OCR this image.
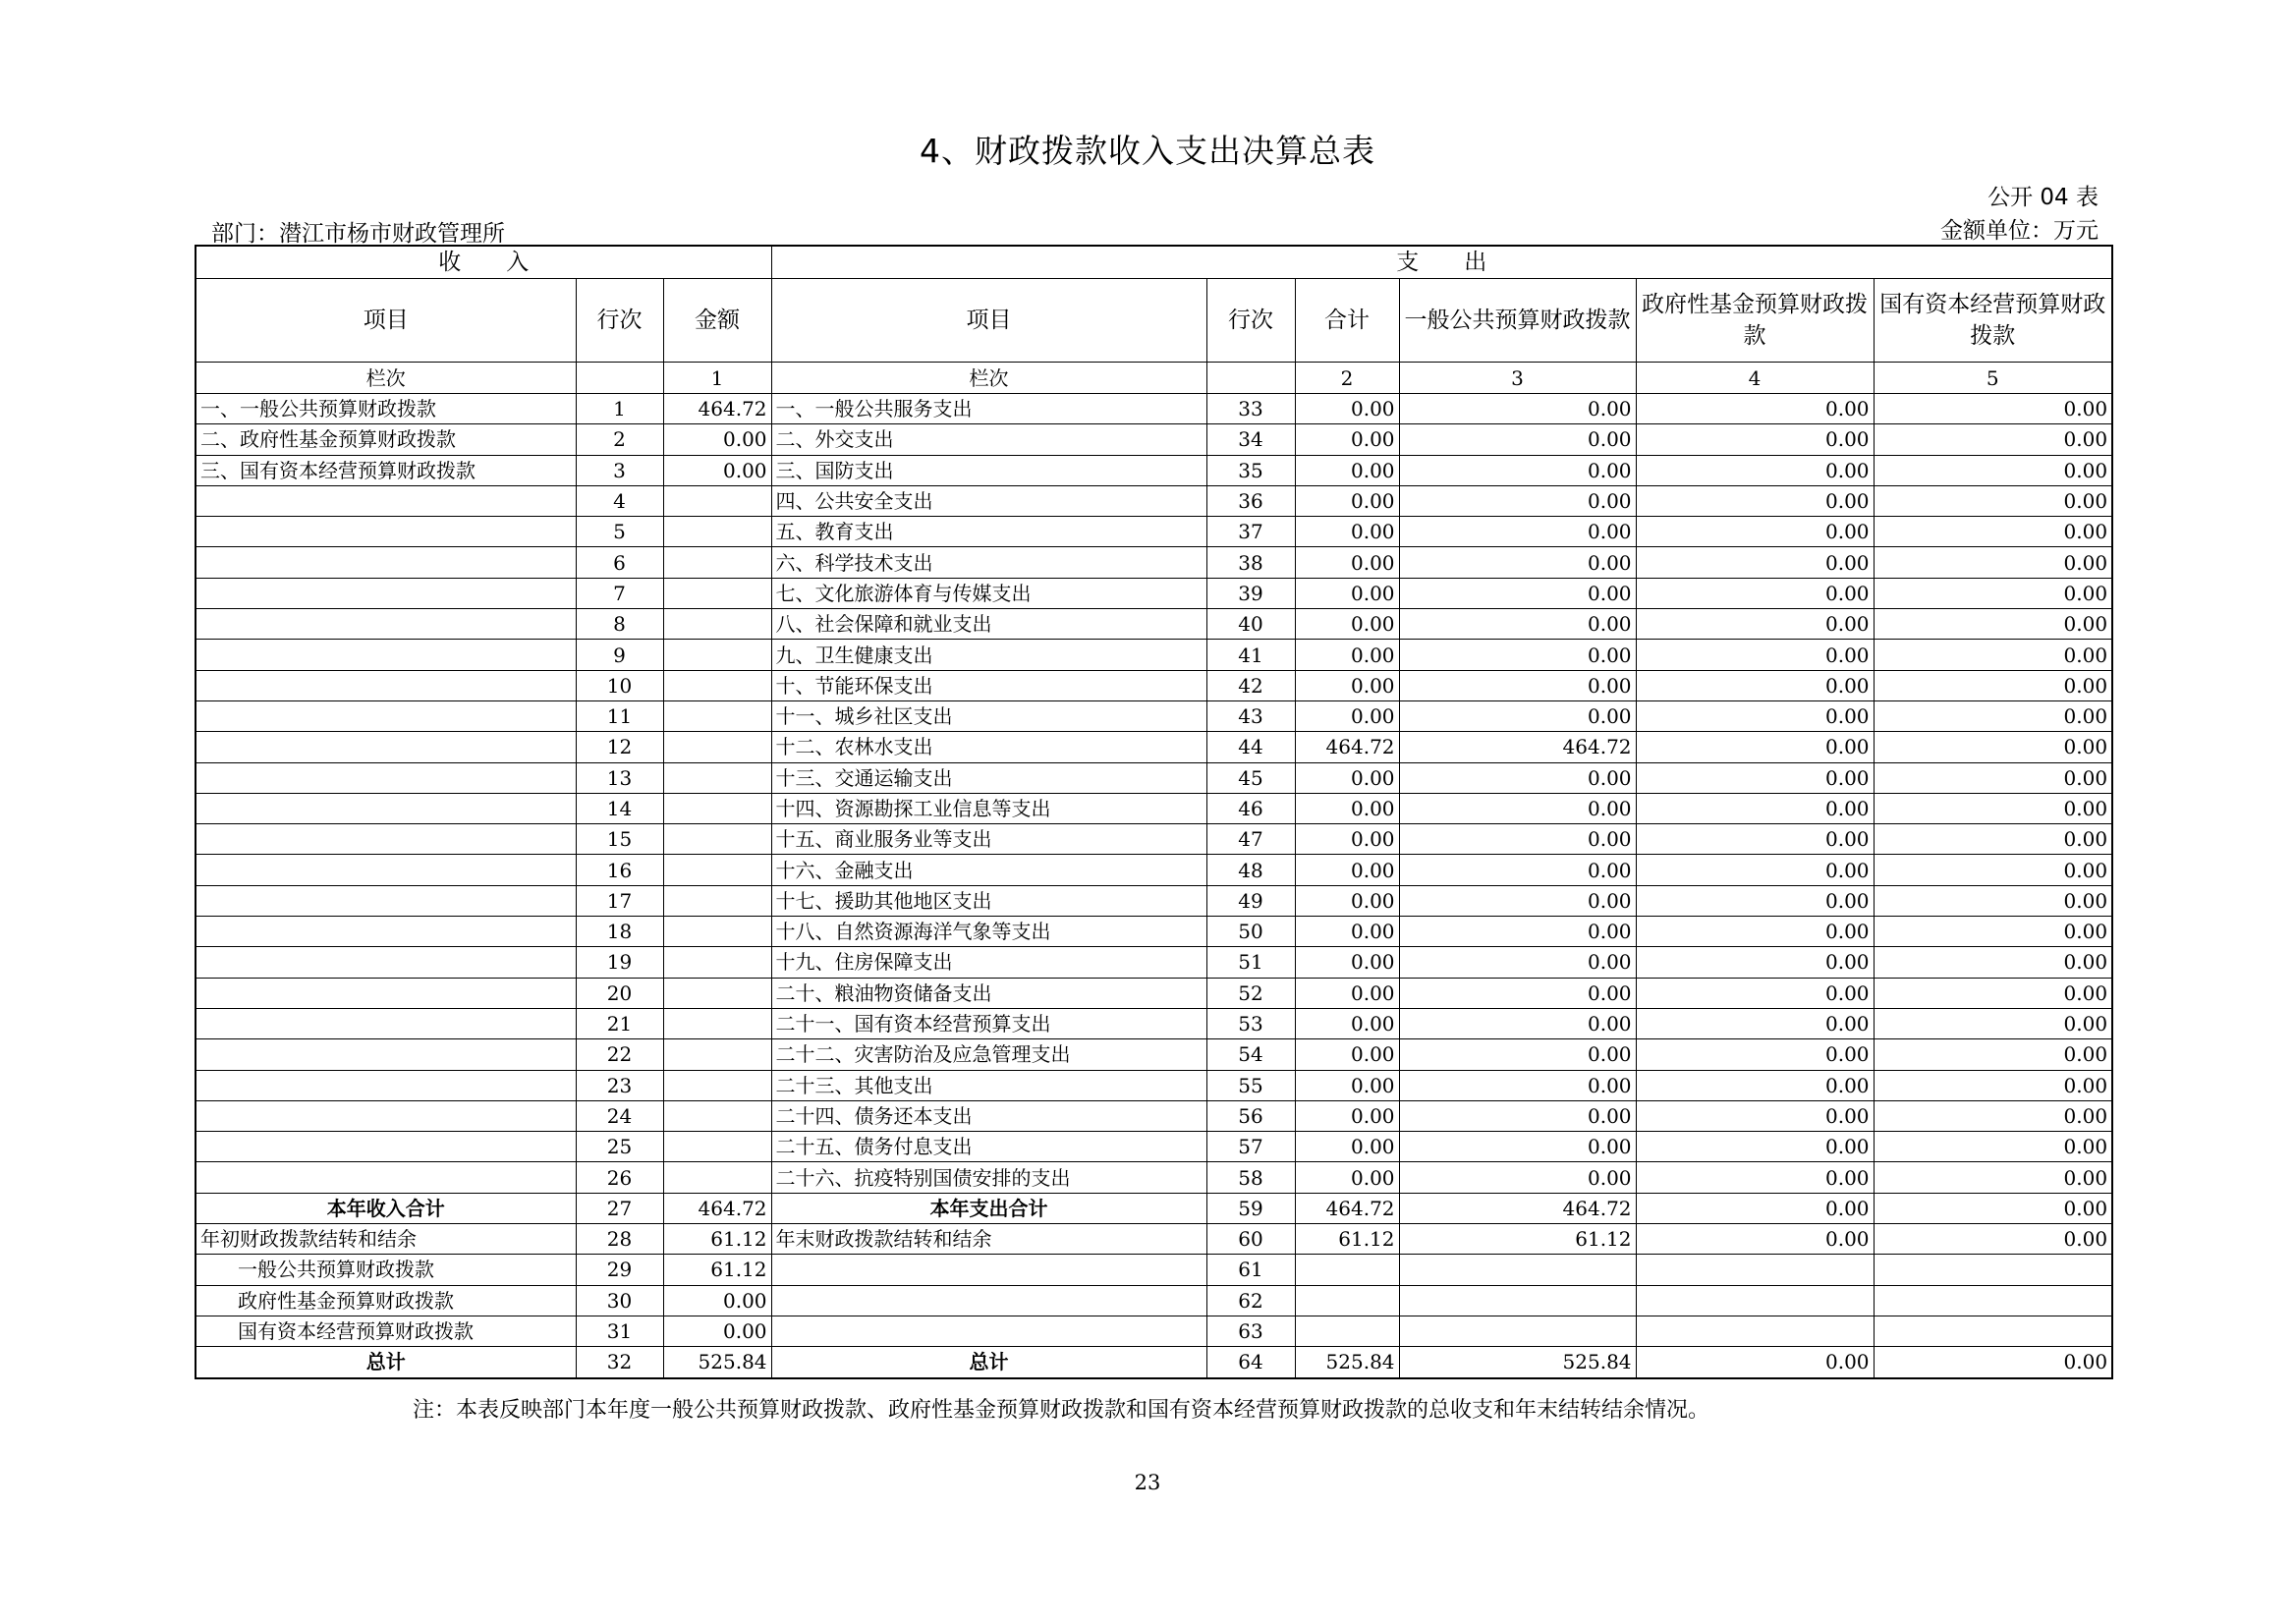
4、财政拨款收入支出决算总表
公开 04 表
部门：潜江市杨市财政管理所	金额单位：万元
收　　入			支　　出					
项目	行次	金额	项目	行次	合计	一般公共预算财政拨款	政府性基金预算财政拨款	国有资本经营预算财政拨款
栏次		1	栏次		2	3	4	5
一、一般公共预算财政拨款	1	464.72	一、一般公共服务支出	33	0.00	0.00	0.00	0.00
二、政府性基金预算财政拨款	2	0.00	二、外交支出	34	0.00	0.00	0.00	0.00
三、国有资本经营预算财政拨款	3	0.00	三、国防支出	35	0.00	0.00	0.00	0.00
	4		四、公共安全支出	36	0.00	0.00	0.00	0.00
	5		五、教育支出	37	0.00	0.00	0.00	0.00
	6		六、科学技术支出	38	0.00	0.00	0.00	0.00
	7		七、文化旅游体育与传媒支出	39	0.00	0.00	0.00	0.00
	8		八、社会保障和就业支出	40	0.00	0.00	0.00	0.00
	9		九、卫生健康支出	41	0.00	0.00	0.00	0.00
	10		十、节能环保支出	42	0.00	0.00	0.00	0.00
	11		十一、城乡社区支出	43	0.00	0.00	0.00	0.00
	12		十二、农林水支出	44	464.72	464.72	0.00	0.00
	13		十三、交通运输支出	45	0.00	0.00	0.00	0.00
	14		十四、资源勘探工业信息等支出	46	0.00	0.00	0.00	0.00
	15		十五、商业服务业等支出	47	0.00	0.00	0.00	0.00
	16		十六、金融支出	48	0.00	0.00	0.00	0.00
	17		十七、援助其他地区支出	49	0.00	0.00	0.00	0.00
	18		十八、自然资源海洋气象等支出	50	0.00	0.00	0.00	0.00
	19		十九、住房保障支出	51	0.00	0.00	0.00	0.00
	20		二十、粮油物资储备支出	52	0.00	0.00	0.00	0.00
	21		二十一、国有资本经营预算支出	53	0.00	0.00	0.00	0.00
	22		二十二、灾害防治及应急管理支出	54	0.00	0.00	0.00	0.00
	23		二十三、其他支出	55	0.00	0.00	0.00	0.00
	24		二十四、债务还本支出	56	0.00	0.00	0.00	0.00
	25		二十五、债务付息支出	57	0.00	0.00	0.00	0.00
	26		二十六、抗疫特别国债安排的支出	58	0.00	0.00	0.00	0.00
本年收入合计	27	464.72	本年支出合计	59	464.72	464.72	0.00	0.00
年初财政拨款结转和结余	28	61.12	年末财政拨款结转和结余	60	61.12	61.12	0.00	0.00
一般公共预算财政拨款	29	61.12		61				
政府性基金预算财政拨款	30	0.00		62				
国有资本经营预算财政拨款	31	0.00		63				
总计	32	525.84	总计	64	525.84	525.84	0.00	0.00
注：本表反映部门本年度一般公共预算财政拨款、政府性基金预算财政拨款和国有资本经营预算财政拨款的总收支和年末结转结余情况。
23
